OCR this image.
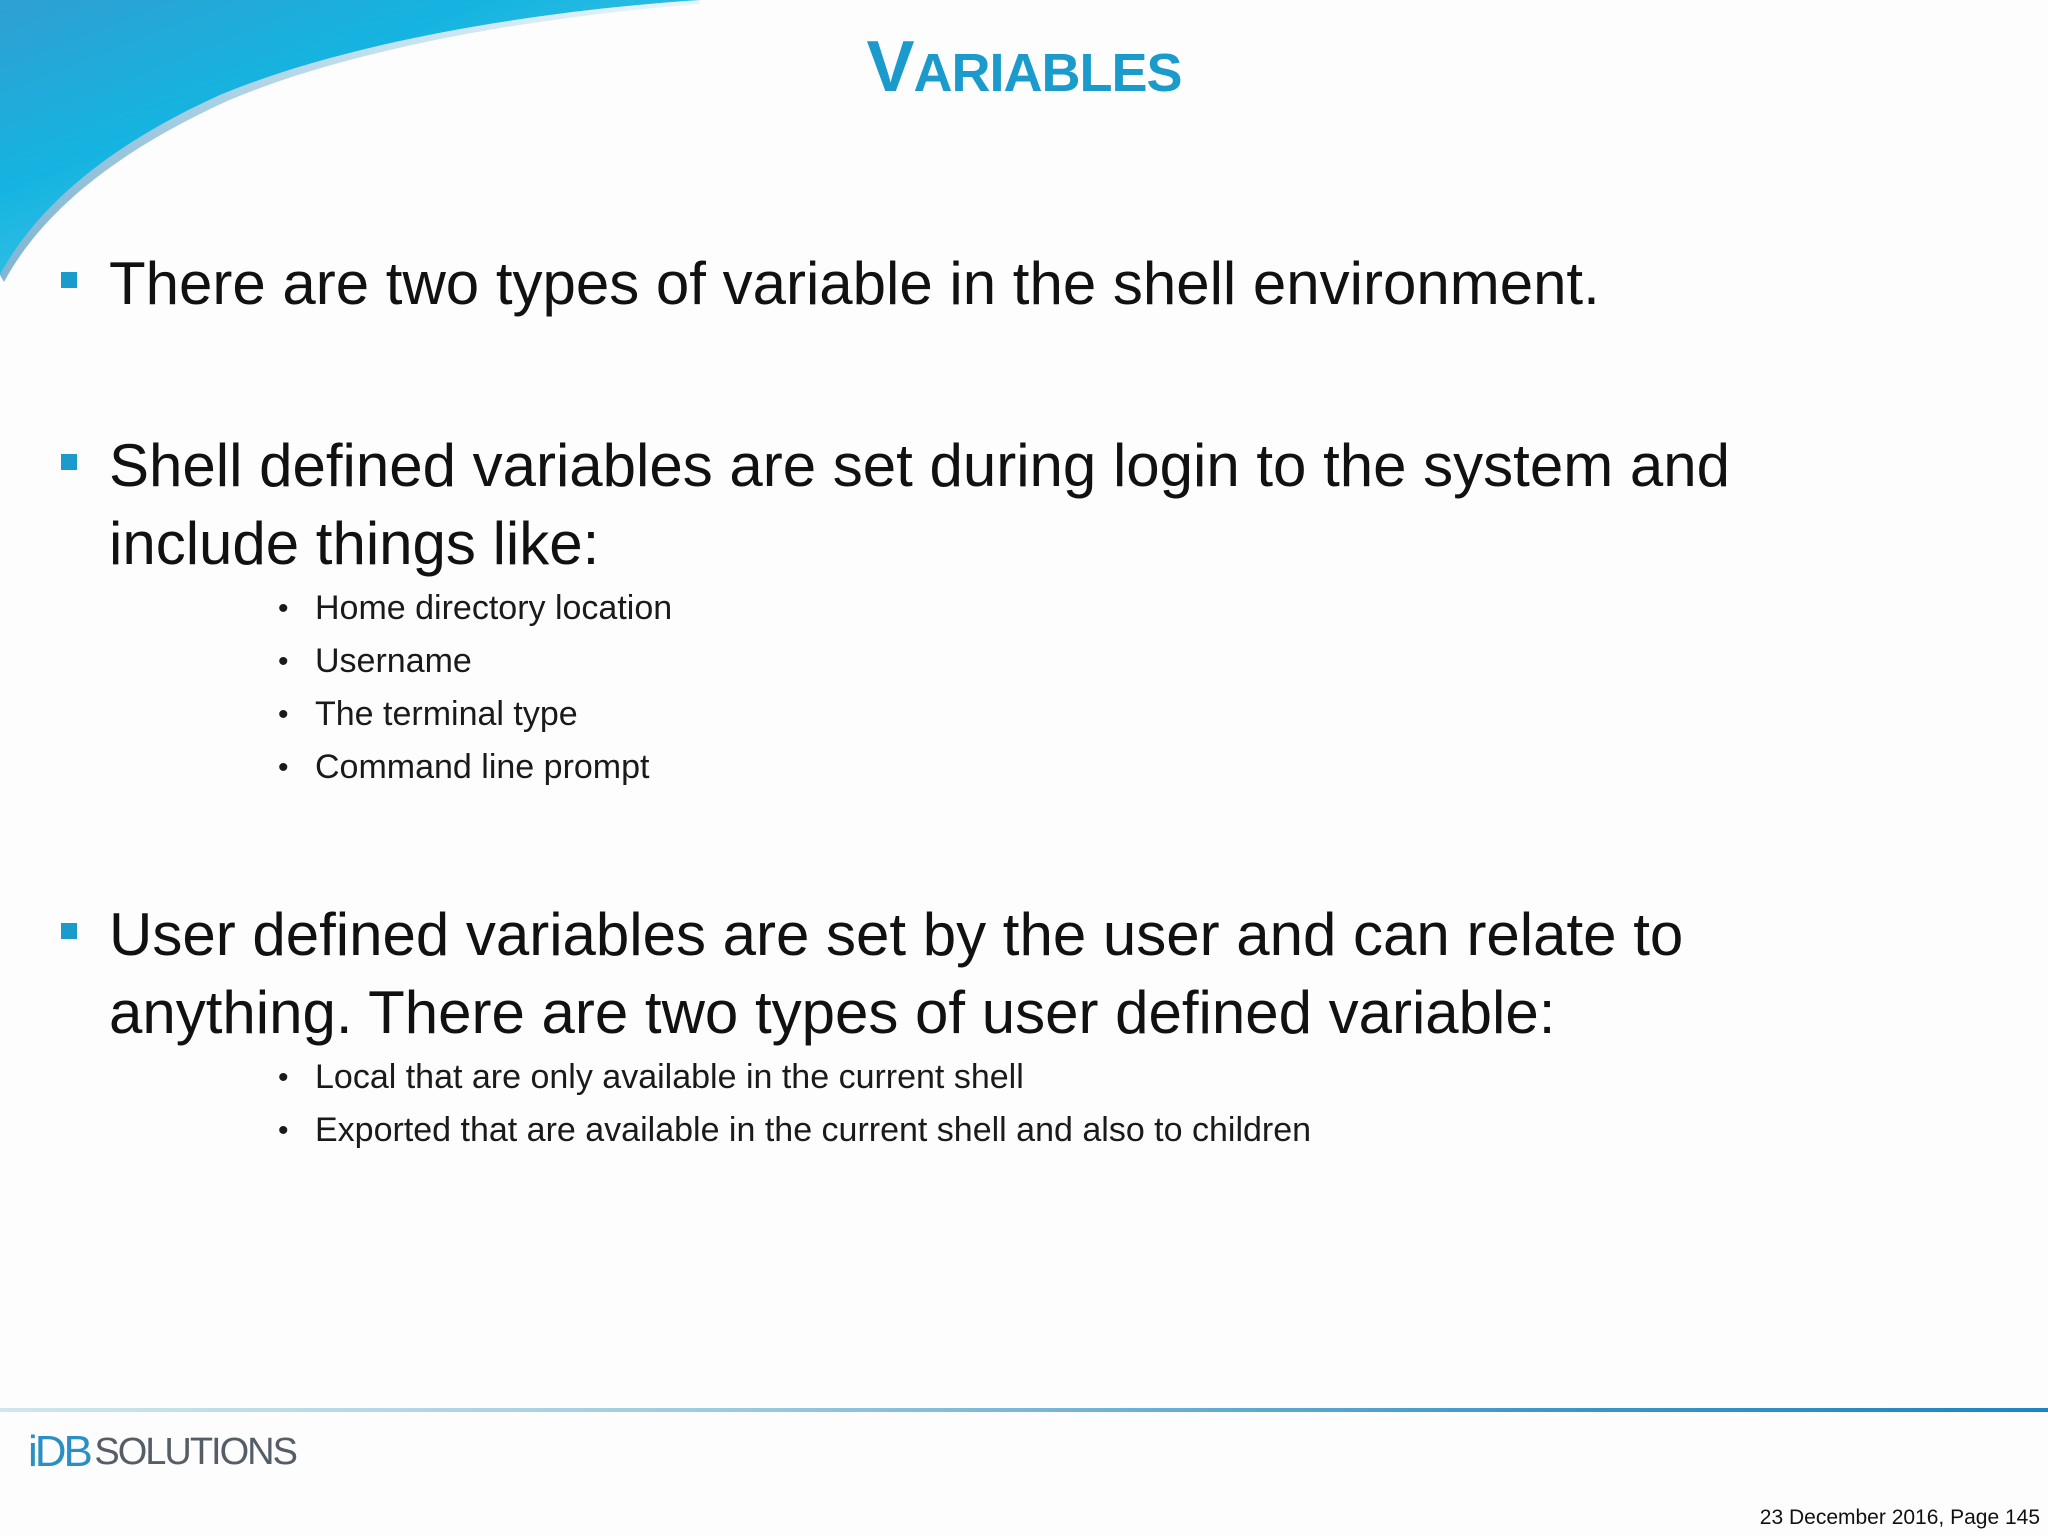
VARIABLES
There are two types of variable in the shell environment.
Shell defined variables are set during login to the system and include things like:
• Home directory location
• Username
• The terminal type
• Command line prompt
User defined variables are set by the user and can relate to anything. There are two types of user defined variable:
• Local that are only available in the current shell
• Exported that are available in the current shell and also to children
iDB SOLUTIONS
23 December 2016, Page 145
